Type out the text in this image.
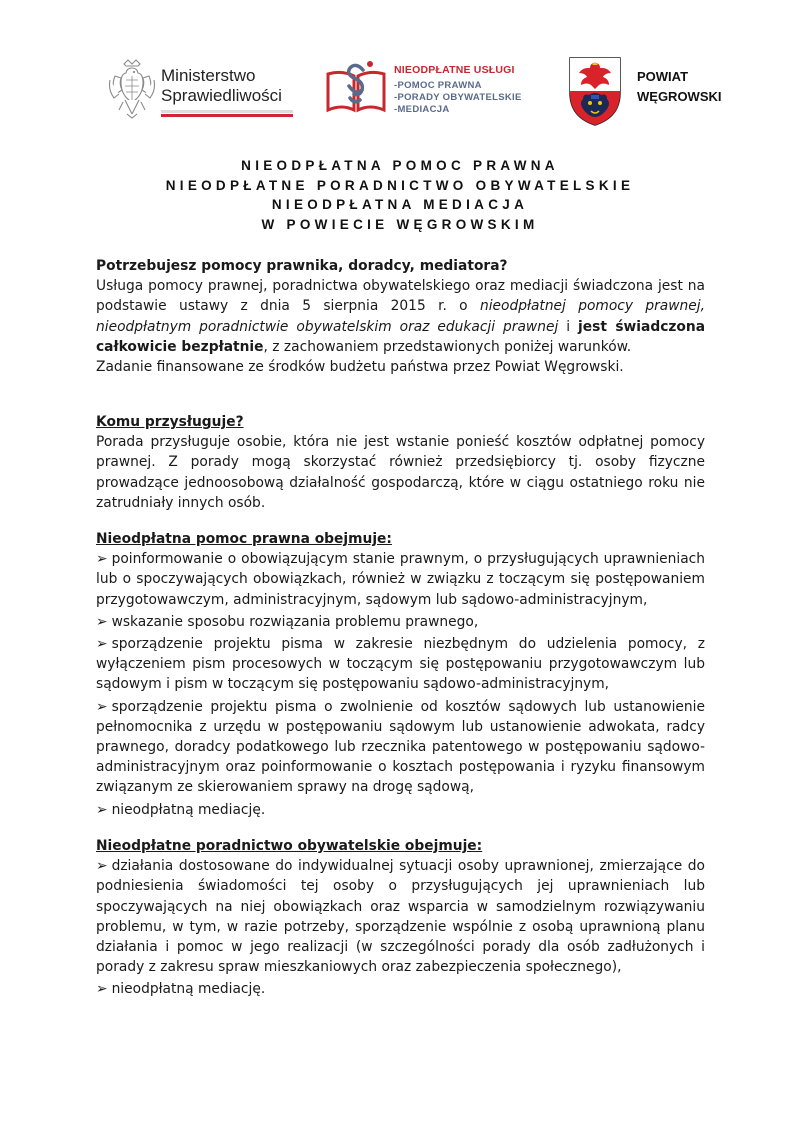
Ministerstwo
Sprawiedliwości
NIEODPŁATNE USŁUGI
-POMOC PRAWNA
-PORADY OBYWATELSKIE
-MEDIACJA
POWIAT
WĘGROWSKI
NIEODPŁATNA POMOC PRAWNA
NIEODPŁATNE PORADNICTWO OBYWATELSKIE
NIEODPŁATNA MEDIACJA
W POWIECIE WĘGROWSKIM

Potrzebujesz pomocy prawnika, doradcy, mediatora?

Usługa pomocy prawnej, poradnictwa obywatelskiego oraz mediacji świadczona jest na podstawie ustawy z dnia 5 sierpnia 2015 r. o nieodpłatnej pomocy prawnej, nieodpłatnym poradnictwie obywatelskim oraz edukacji prawnej i jest świadczona całkowicie bezpłatnie, z zachowaniem przedstawionych poniżej warunków.

Zadanie finansowane ze środków budżetu państwa przez Powiat Węgrowski.

Komu przysługuje?

Porada przysługuje osobie, która nie jest wstanie ponieść kosztów odpłatnej pomocy prawnej. Z porady mogą skorzystać również przedsiębiorcy tj. osoby fizyczne prowadzące jednoosobową działalność gospodarczą, które w ciągu ostatniego roku nie zatrudniały innych osób.

Nieodpłatna pomoc prawna obejmuje:

➢ poinformowanie o obowiązującym stanie prawnym, o przysługujących uprawnieniach lub o spoczywających obowiązkach, również w związku z toczącym się postępowaniem przygotowawczym, administracyjnym, sądowym lub sądowo-administracyjnym,

➢ wskazanie sposobu rozwiązania problemu prawnego,

➢ sporządzenie projektu pisma w zakresie niezbędnym do udzielenia pomocy, z wyłączeniem pism procesowych w toczącym się postępowaniu przygotowawczym lub sądowym i pism w toczącym się postępowaniu sądowo-administracyjnym,

➢ sporządzenie projektu pisma o zwolnienie od kosztów sądowych lub ustanowienie pełnomocnika z urzędu w postępowaniu sądowym lub ustanowienie adwokata, radcy prawnego, doradcy podatkowego lub rzecznika patentowego w postępowaniu sądowo-administracyjnym oraz poinformowanie o kosztach postępowania i ryzyku finansowym związanym ze skierowaniem sprawy na drogę sądową,

➢ nieodpłatną mediację.

Nieodpłatne poradnictwo obywatelskie obejmuje:

➢ działania dostosowane do indywidualnej sytuacji osoby uprawnionej, zmierzające do podniesienia świadomości tej osoby o przysługujących jej uprawnieniach lub spoczywających na niej obowiązkach oraz wsparcia w samodzielnym rozwiązywaniu problemu, w tym, w razie potrzeby, sporządzenie wspólnie z osobą uprawnioną planu działania i pomoc w jego realizacji (w szczególności porady dla osób zadłużonych i porady z zakresu spraw mieszkaniowych oraz zabezpieczenia społecznego),

➢ nieodpłatną mediację.
